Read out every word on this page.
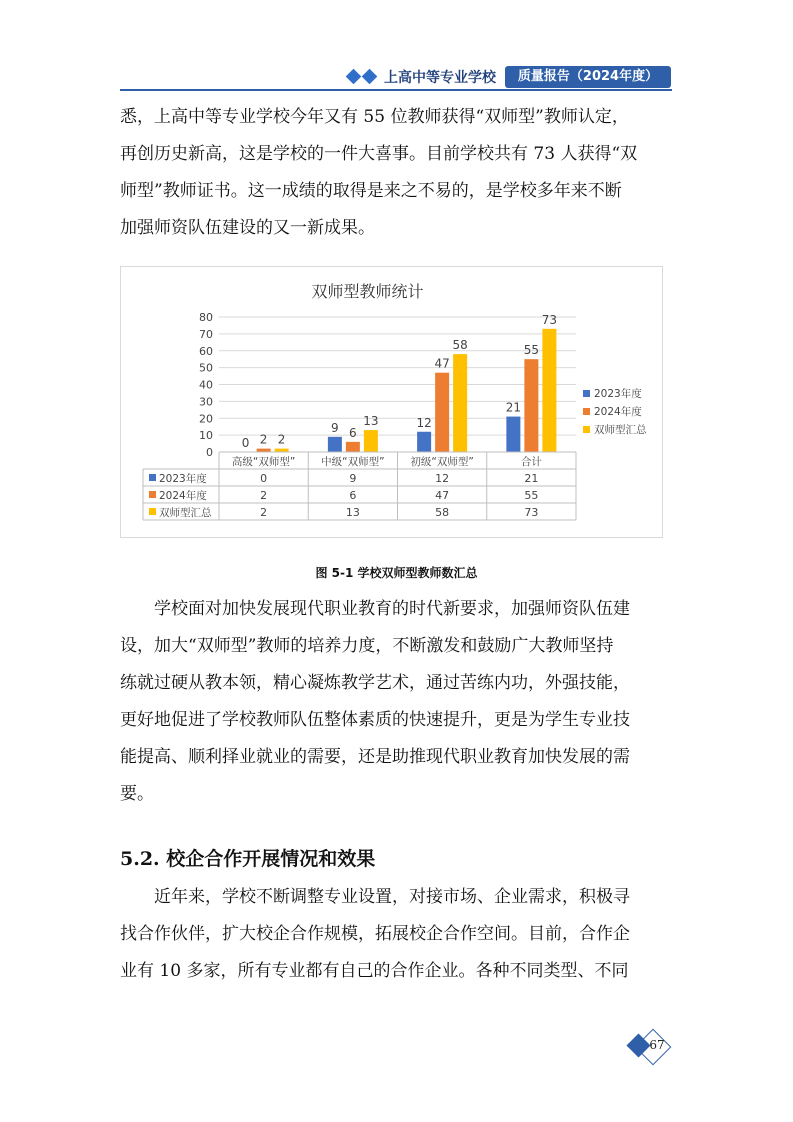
上高中等专业学校	质量报告（2024年度）
悉，上高中等专业学校今年又有 55 位教师获得“双师型”教师认定，
再创历史新高，这是学校的一件大喜事。目前学校共有 73 人获得“双
师型”教师证书。这一成绩的取得是来之不易的，是学校多年来不断
加强师资队伍建设的又一新成果。
双师型教师统计
0
10
20
30
40
50
60
70
80
0
9	12
21
2	6
47
55
2
13
58
73
高级“双师型” 中级“双师型” 初级“双师型”	合计
2023年度	0	9	12	21
2024年度	2	6	47	55
双师型汇总	2	13	58	73
2023年度
2024年度
双师型汇总
图 5-1 学校双师型教师数汇总
　　学校面对加快发展现代职业教育的时代新要求，加强师资队伍建
设，加大“双师型”教师的培养力度，不断激发和鼓励广大教师坚持
练就过硬从教本领，精心凝炼教学艺术，通过苦练内功，外强技能，
更好地促进了学校教师队伍整体素质的快速提升，更是为学生专业技
能提高、顺利择业就业的需要，还是助推现代职业教育加快发展的需
要。
5.2. 校企合作开展情况和效果
　　近年来，学校不断调整专业设置，对接市场、企业需求，积极寻
找合作伙伴，扩大校企合作规模，拓展校企合作空间。目前，合作企
业有 10 多家，所有专业都有自己的合作企业。各种不同类型、不同
67
